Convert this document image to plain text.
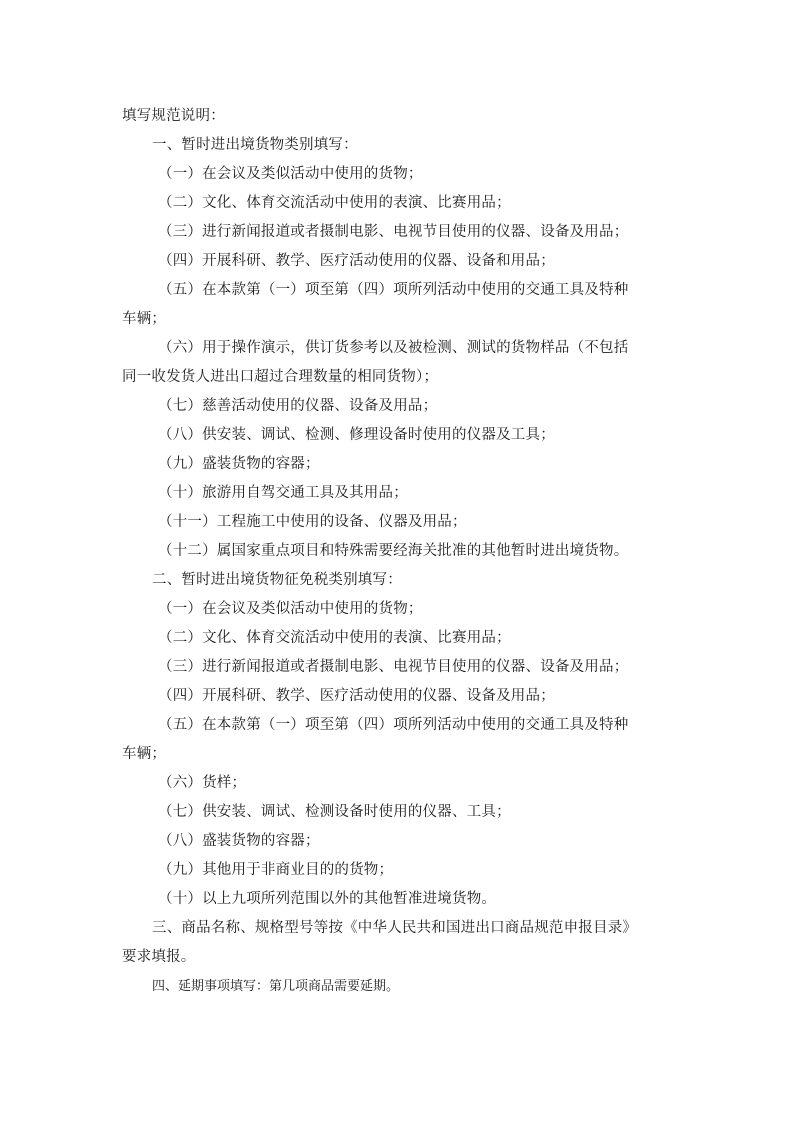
填写规范说明：
一、暂时进出境货物类别填写：
（一）在会议及类似活动中使用的货物；
（二）文化、体育交流活动中使用的表演、比赛用品；
（三）进行新闻报道或者摄制电影、电视节目使用的仪器、设备及用品；
（四）开展科研、教学、医疗活动使用的仪器、设备和用品；
（五）在本款第（一）项至第（四）项所列活动中使用的交通工具及特种
车辆；
（六）用于操作演示，供订货参考以及被检测、测试的货物样品（不包括
同一收发货人进出口超过合理数量的相同货物）；
（七）慈善活动使用的仪器、设备及用品；
（八）供安装、调试、检测、修理设备时使用的仪器及工具；
（九）盛装货物的容器；
（十）旅游用自驾交通工具及其用品；
（十一）工程施工中使用的设备、仪器及用品；
（十二）属国家重点项目和特殊需要经海关批准的其他暂时进出境货物。
二、暂时进出境货物征免税类别填写：
（一）在会议及类似活动中使用的货物；
（二）文化、体育交流活动中使用的表演、比赛用品；
（三）进行新闻报道或者摄制电影、电视节目使用的仪器、设备及用品；
（四）开展科研、教学、医疗活动使用的仪器、设备及用品；
（五）在本款第（一）项至第（四）项所列活动中使用的交通工具及特种
车辆；
（六）货样；
（七）供安装、调试、检测设备时使用的仪器、工具；
（八）盛装货物的容器；
（九）其他用于非商业目的的货物；
（十）以上九项所列范围以外的其他暂准进境货物。
三、商品名称、规格型号等按《中华人民共和国进出口商品规范申报目录》
要求填报。
四、延期事项填写：第几项商品需要延期。
